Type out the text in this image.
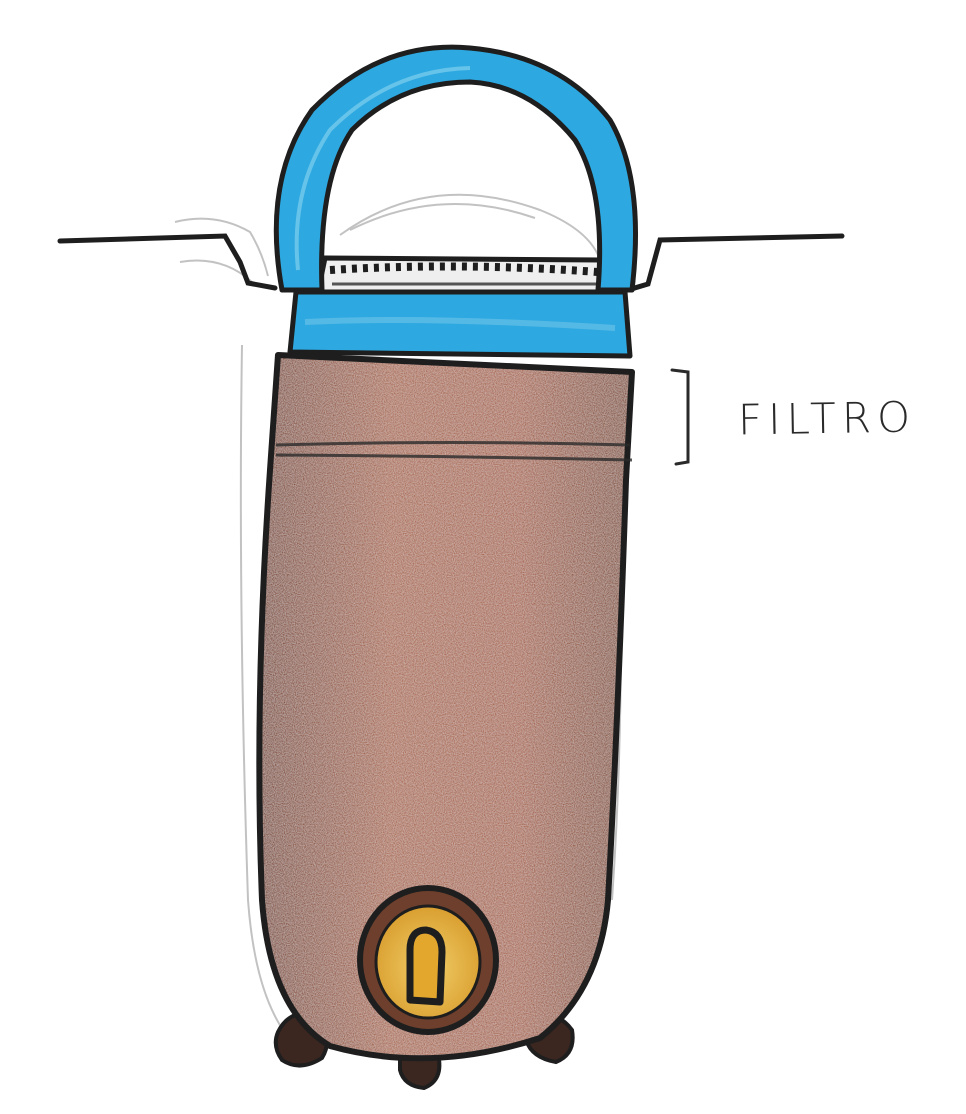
FILTRO
